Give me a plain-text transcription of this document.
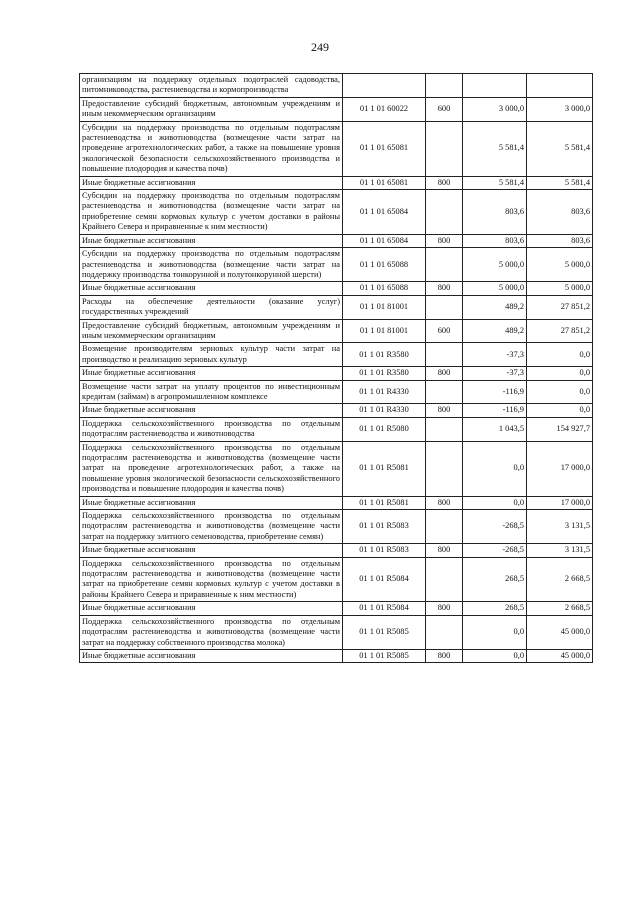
249
организациям на поддержку отдельных подотраслей садоводства, питомниководства, растениеводства и кормопроизводства				
Предоставление субсидий бюджетным, автономным учреждениям и иным некоммерческим организациям	01 1 01 60022	600	3 000,0	3 000,0
Субсидии на поддержку производства по отдельным подотраслям растениеводства и животноводства (возмещение части затрат на проведение агротехнологических работ, а также на повышение уровня экологической безопасности сельскохозяйственного производства и повышение плодородия и качества почв)	01 1 01 65081		5 581,4	5 581,4
Иные бюджетные ассигнования	01 1 01 65081	800	5 581,4	5 581,4
Субсидии на поддержку производства по отдельным подотраслям растениеводства и животноводства (возмещение части затрат на приобретение семян кормовых культур с учетом доставки в районы Крайнего Севера и приравненные к ним местности)	01 1 01 65084		803,6	803,6
Иные бюджетные ассигнования	01 1 01 65084	800	803,6	803,6
Субсидии на поддержку производства по отдельным подотраслям растениеводства и животноводства (возмещение части затрат на поддержку производства тонкорунной и полутонкорунной шерсти)	01 1 01 65088		5 000,0	5 000,0
Иные бюджетные ассигнования	01 1 01 65088	800	5 000,0	5 000,0
Расходы на обеспечение деятельности (оказание услуг) государственных учреждений	01 1 01 81001		489,2	27 851,2
Предоставление субсидий бюджетным, автономным учреждениям и иным некоммерческим организациям	01 1 01 81001	600	489,2	27 851,2
Возмещение производителям зерновых культур части затрат на производство и реализацию зерновых культур	01 1 01 R3580		-37,3	0,0
Иные бюджетные ассигнования	01 1 01 R3580	800	-37,3	0,0
Возмещение части затрат на уплату процентов по инвестиционным кредитам (займам) в агропромышленном комплексе	01 1 01 R4330		-116,9	0,0
Иные бюджетные ассигнования	01 1 01 R4330	800	-116,9	0,0
Поддержка сельскохозяйственного производства по отдельным подотраслям растениеводства и животноводства	01 1 01 R5080		1 043,5	154 927,7
Поддержка сельскохозяйственного производства по отдельным подотраслям растениеводства и животноводства (возмещение части затрат на проведение агротехнологических работ, а также на повышение уровня экологической безопасности сельскохозяйственного производства и повышение плодородия и качества почв)	01 1 01 R5081		0,0	17 000,0
Иные бюджетные ассигнования	01 1 01 R5081	800	0,0	17 000,0
Поддержка сельскохозяйственного производства по отдельным подотраслям растениеводства и животноводства (возмещение части затрат на поддержку элитного семеноводства, приобретение семян)	01 1 01 R5083		-268,5	3 131,5
Иные бюджетные ассигнования	01 1 01 R5083	800	-268,5	3 131,5
Поддержка сельскохозяйственного производства по отдельным подотраслям растениеводства и животноводства (возмещение части затрат на приобретение семян кормовых культур с учетом доставки в районы Крайнего Севера и приравненные к ним местности)	01 1 01 R5084		268,5	2 668,5
Иные бюджетные ассигнования	01 1 01 R5084	800	268,5	2 668,5
Поддержка сельскохозяйственного производства по отдельным подотраслям растениеводства и животноводства (возмещение части затрат на поддержку собственного производства молока)	01 1 01 R5085		0,0	45 000,0
Иные бюджетные ассигнования	01 1 01 R5085	800	0,0	45 000,0
